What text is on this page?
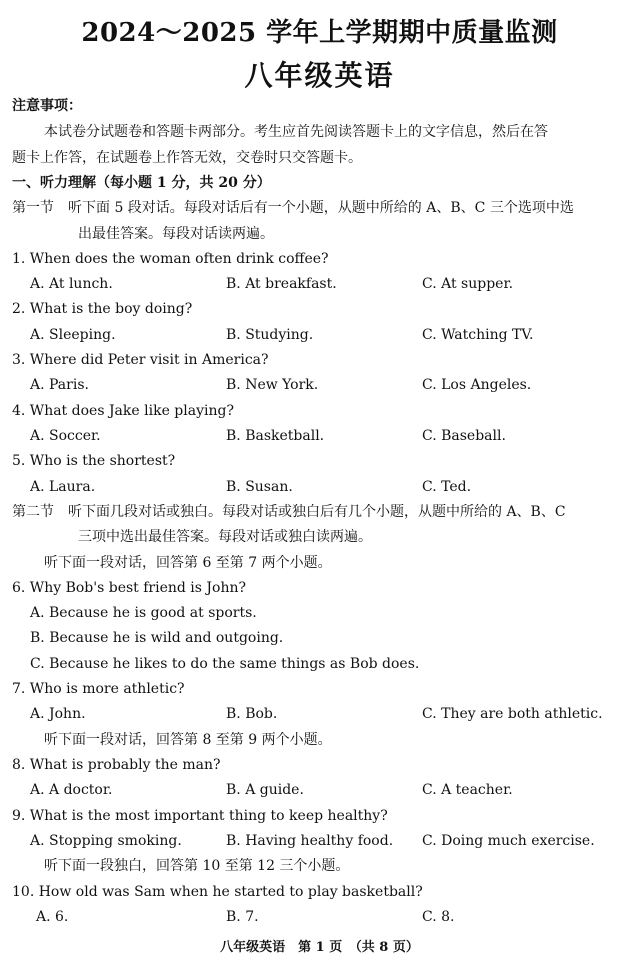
2024～2025 学年上学期期中质量监测
八年级英语
注意事项：
本试卷分试题卷和答题卡两部分。考生应首先阅读答题卡上的文字信息，然后在答
题卡上作答，在试题卷上作答无效，交卷时只交答题卡。
一、听力理解（每小题 1 分，共 20 分）
第一节　听下面 5 段对话。每段对话后有一个小题，从题中所给的 A、B、C 三个选项中选
出最佳答案。每段对话读两遍。
1. When does the woman often drink coffee?
A. At lunch.	B. At breakfast.	C. At supper.
2. What is the boy doing?
A. Sleeping.	B. Studying.	C. Watching TV.
3. Where did Peter visit in America?
A. Paris.	B. New York.	C. Los Angeles.
4. What does Jake like playing?
A. Soccer.	B. Basketball.	C. Baseball.
5. Who is the shortest?
A. Laura.	B. Susan.	C. Ted.
第二节　听下面几段对话或独白。每段对话或独白后有几个小题，从题中所给的 A、B、C
三项中选出最佳答案。每段对话或独白读两遍。
听下面一段对话，回答第 6 至第 7 两个小题。
6. Why Bob's best friend is John?
A. Because he is good at sports.
B. Because he is wild and outgoing.
C. Because he likes to do the same things as Bob does.
7. Who is more athletic?
A. John.	B. Bob.	C. They are both athletic.
听下面一段对话，回答第 8 至第 9 两个小题。
8. What is probably the man?
A. A doctor.	B. A guide.	C. A teacher.
9. What is the most important thing to keep healthy?
A. Stopping smoking.	B. Having healthy food. C. Doing much exercise.
听下面一段独白，回答第 10 至第 12 三个小题。
10. How old was Sam when he started to play basketball?
A. 6.	B. 7.	C. 8.
八年级英语　第 1 页　（共 8 页）
